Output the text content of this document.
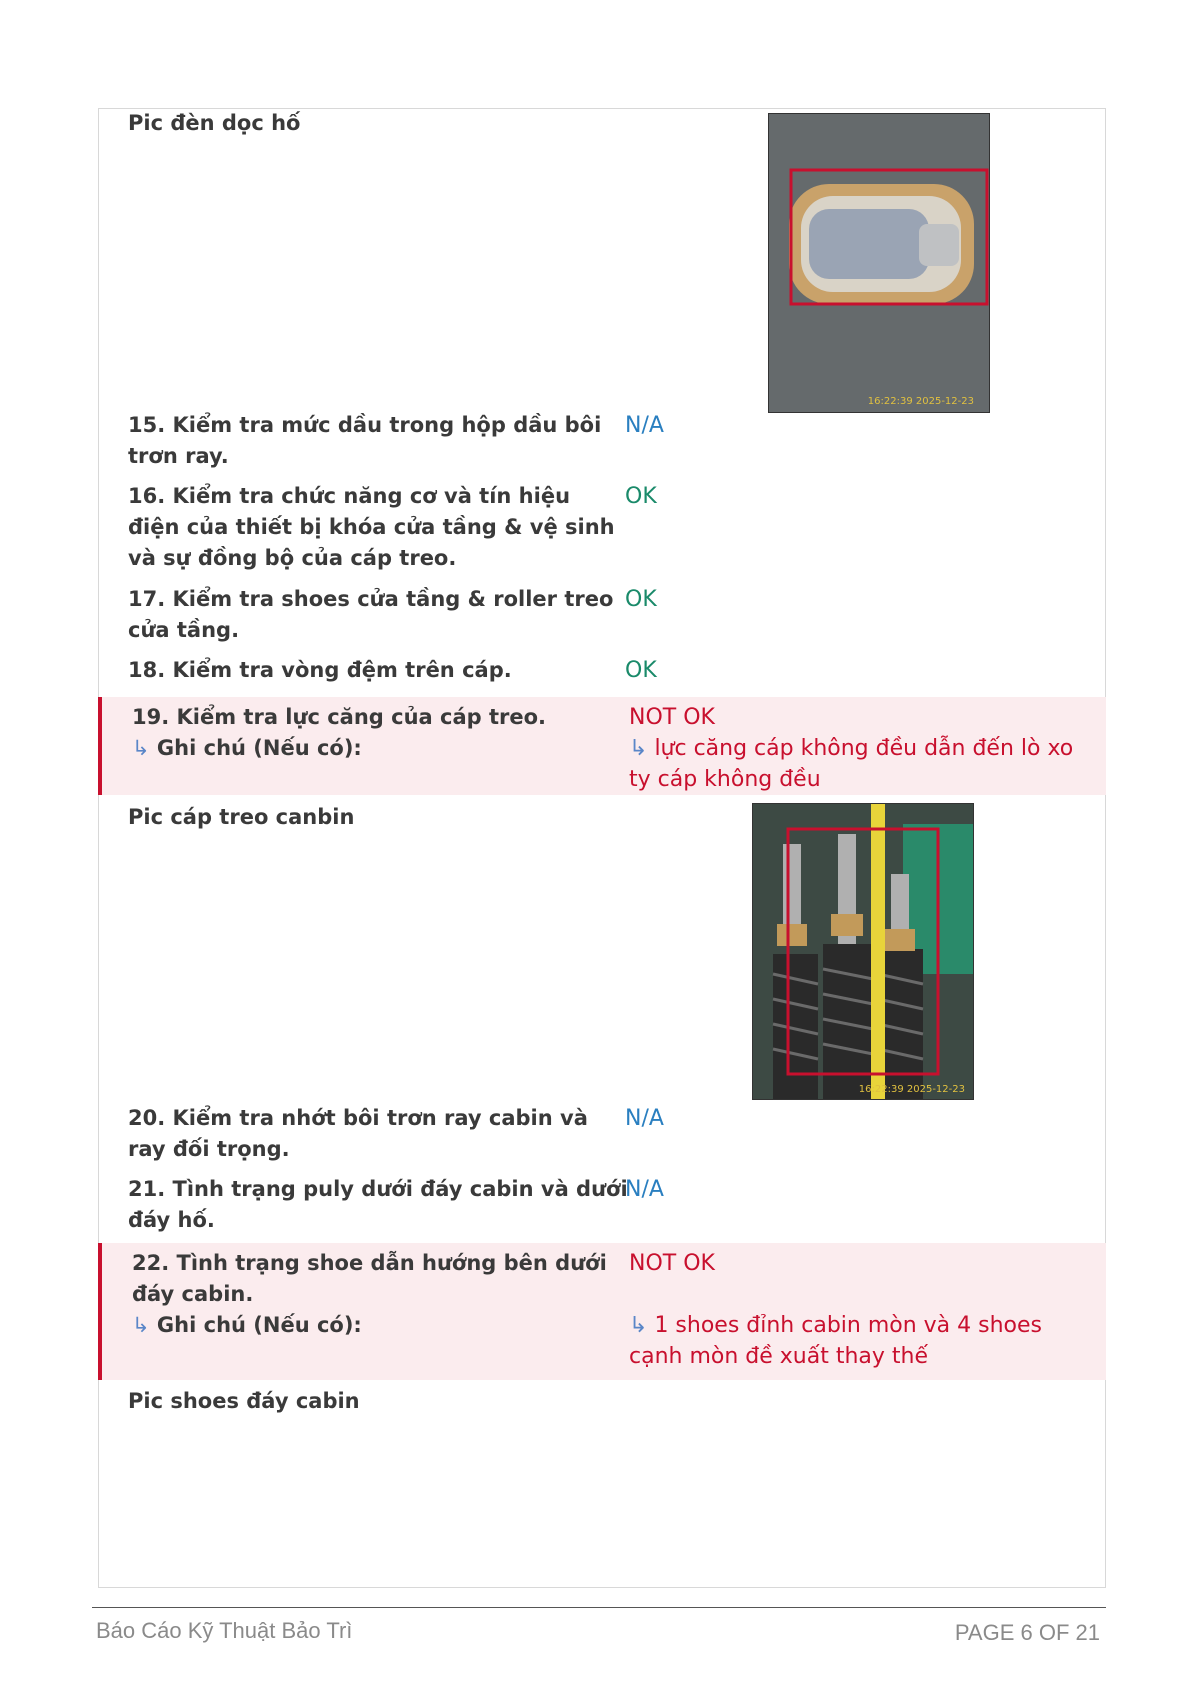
Pic đèn dọc hố
16:22:39 2025-12-23
15. Kiểm tra mức dầu trong hộp dầu bôi trơn ray.
N/A
16. Kiểm tra chức năng cơ và tín hiệu điện của thiết bị khóa cửa tầng & vệ sinh và sự đồng bộ của cáp treo.
OK
17. Kiểm tra shoes cửa tầng & roller treo cửa tầng.
OK
18. Kiểm tra vòng đệm trên cáp.	OK
19. Kiểm tra lực căng của cáp treo.
↳ Ghi chú (Nếu có):
NOT OK
↳ lực căng cáp không đều dẫn đến lò xo ty cáp không đều
Pic cáp treo canbin
16:22:39 2025-12-23
20. Kiểm tra nhớt bôi trơn ray cabin và ray đối trọng.
N/A
21. Tình trạng puly dưới đáy cabin và dưới đáy hố.
N/A
22. Tình trạng shoe dẫn hướng bên dưới đáy cabin.
↳ Ghi chú (Nếu có):
NOT OK
↳ 1 shoes đỉnh cabin mòn và 4 shoes cạnh mòn đề xuất thay thế
Pic shoes đáy cabin
Báo Cáo Kỹ Thuật Bảo Trì	PAGE 6 OF 21
